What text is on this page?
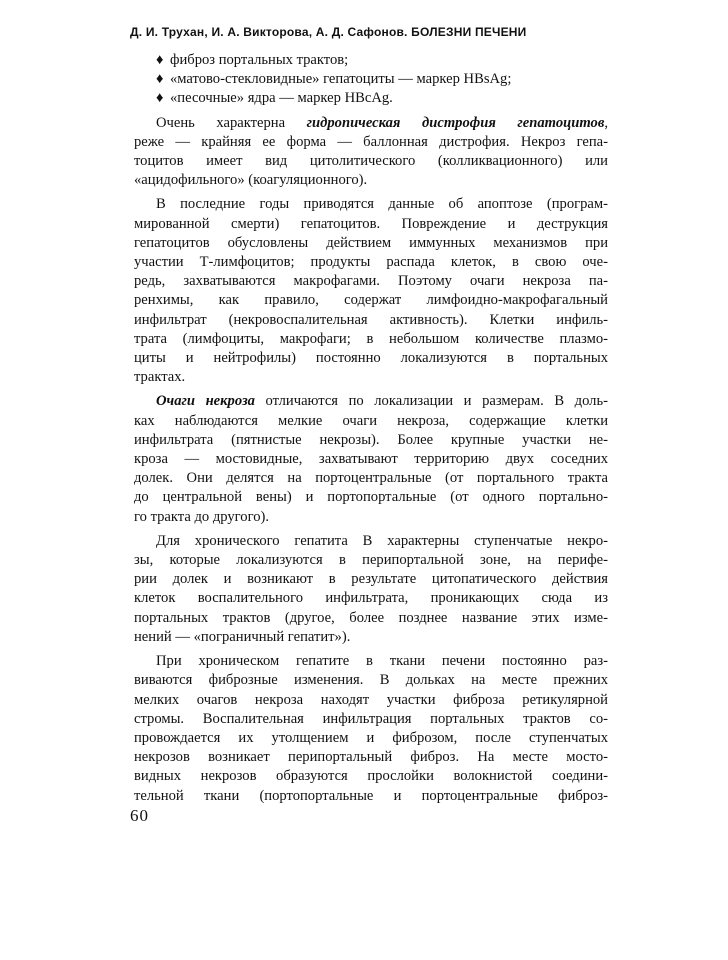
Д. И. Трухан, И. А. Викторова, А. Д. Сафонов. БОЛЕЗНИ ПЕЧЕНИ

♦ фиброз портальных трактов;

♦ «матово-стекловидные» гепатоциты — маркер HBsAg;

♦ «песочные» ядра — маркер HBcAg.

Очень характерна гидропическая дистрофия гепатоцитов,
реже — крайняя ее форма — баллонная дистрофия. Некроз гепа-
тоцитов имеет вид цитолитического (колликвационного) или
«ацидофильного» (коагуляционного).

В последние годы приводятся данные об апоптозе (програм-
мированной смерти) гепатоцитов. Повреждение и деструкция
гепатоцитов обусловлены действием иммунных механизмов при
участии Т-лимфоцитов; продукты распада клеток, в свою оче-
редь, захватываются макрофагами. Поэтому очаги некроза па-
ренхимы, как правило, содержат лимфоидно-макрофагальный
инфильтрат (некровоспалительная активность). Клетки инфиль-
трата (лимфоциты, макрофаги; в небольшом количестве плазмо-
циты и нейтрофилы) постоянно локализуются в портальных
трактах.

Очаги некроза отличаются по локализации и размерам. В доль-
ках наблюдаются мелкие очаги некроза, содержащие клетки
инфильтрата (пятнистые некрозы). Более крупные участки не-
кроза — мостовидные, захватывают территорию двух соседних
долек. Они делятся на портоцентральные (от портального тракта
до центральной вены) и портопортальные (от одного портально-
го тракта до другого).

Для хронического гепатита В характерны ступенчатые некро-
зы, которые локализуются в перипортальной зоне, на перифе-
рии долек и возникают в результате цитопатического действия
клеток воспалительного инфильтрата, проникающих сюда из
портальных трактов (другое, более позднее название этих изме-
нений — «пограничный гепатит»).

При хроническом гепатите в ткани печени постоянно раз-
виваются фиброзные изменения. В дольках на месте прежних
мелких очагов некроза находят участки фиброза ретикулярной
стромы. Воспалительная инфильтрация портальных трактов со-
провождается их утолщением и фиброзом, после ступенчатых
некрозов возникает перипортальный фиброз. На месте мосто-
видных некрозов образуются прослойки волокнистой соедини-
тельной ткани (портопортальные и портоцентральные фиброз-

60
